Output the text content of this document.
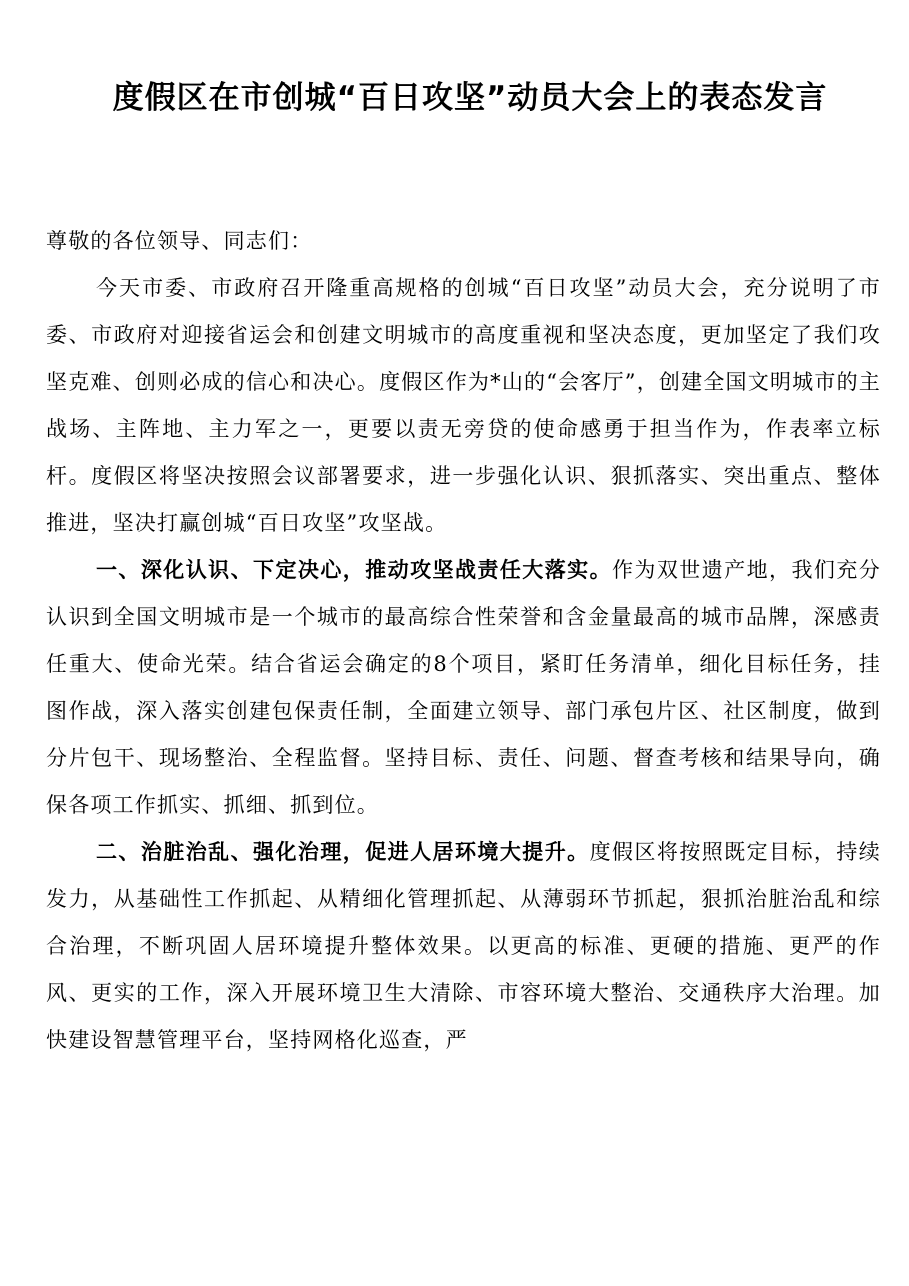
度假区在市创城“百日攻坚”动员大会上的表态发言

尊敬的各位领导、同志们：

今天市委、市政府召开隆重高规格的创城“百日攻坚”动员大会，充分说明了市委、市政府对迎接省运会和创建文明城市的高度重视和坚决态度，更加坚定了我们攻坚克难、创则必成的信心和决心。度假区作为*山的“会客厅”，创建全国文明城市的主战场、主阵地、主力军之一，更要以责无旁贷的使命感勇于担当作为，作表率立标杆。度假区将坚决按照会议部署要求，进一步强化认识、狠抓落实、突出重点、整体推进，坚决打赢创城“百日攻坚”攻坚战。

一、深化认识、下定决心，推动攻坚战责任大落实。作为双世遗产地，我们充分认识到全国文明城市是一个城市的最高综合性荣誉和含金量最高的城市品牌，深感责任重大、使命光荣。结合省运会确定的8个项目，紧盯任务清单，细化目标任务，挂图作战，深入落实创建包保责任制，全面建立领导、部门承包片区、社区制度，做到分片包干、现场整治、全程监督。坚持目标、责任、问题、督查考核和结果导向，确保各项工作抓实、抓细、抓到位。

二、治脏治乱、强化治理，促进人居环境大提升。度假区将按照既定目标，持续发力，从基础性工作抓起、从精细化管理抓起、从薄弱环节抓起，狠抓治脏治乱和综合治理，不断巩固人居环境提升整体效果。以更高的标准、更硬的措施、更严的作风、更实的工作，深入开展环境卫生大清除、市容环境大整治、交通秩序大治理。加快建设智慧管理平台，坚持网格化巡查，严
